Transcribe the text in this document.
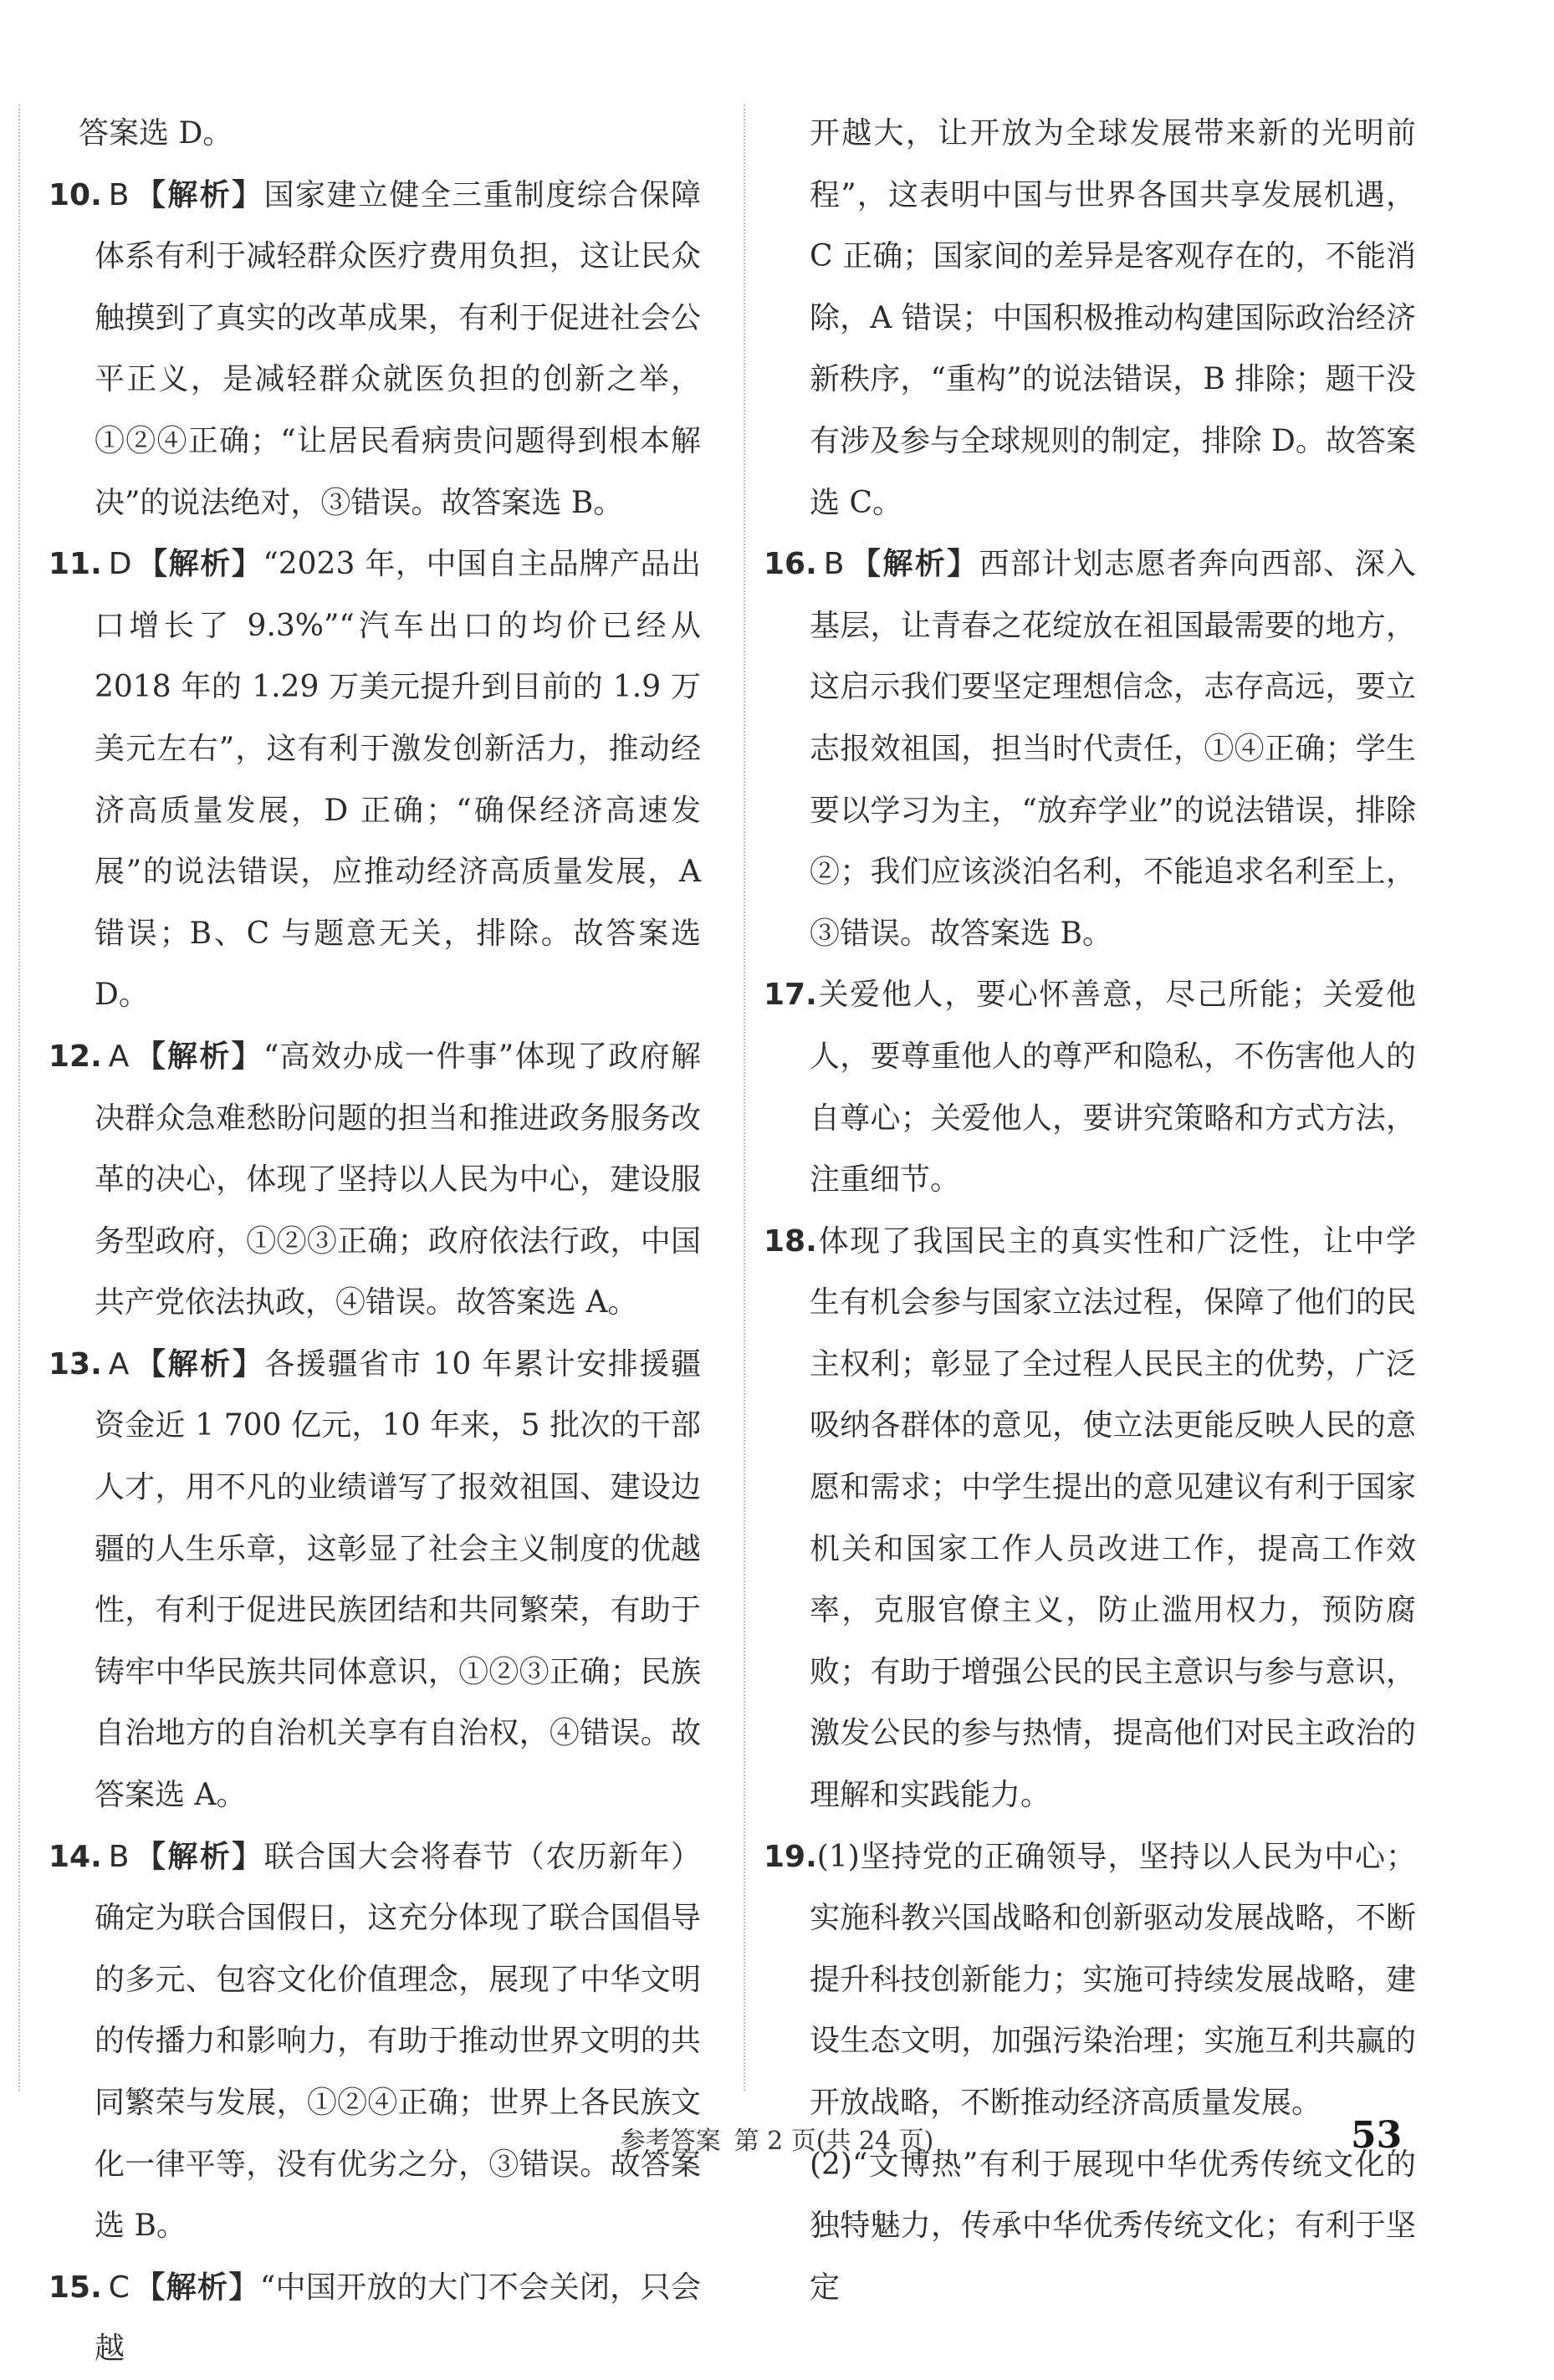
答案选 D。

10. B 【解析】国家建立健全三重制度综合保障体系有利于减轻群众医疗费用负担，这让民众触摸到了真实的改革成果，有利于促进社会公平正义，是减轻群众就医负担的创新之举，①②④正确；“让居民看病贵问题得到根本解决”的说法绝对，③错误。故答案选 B。

11. D 【解析】“2023 年，中国自主品牌产品出口增长了 9.3%”“汽车出口的均价已经从 2018 年的 1.29 万美元提升到目前的 1.9 万美元左右”，这有利于激发创新活力，推动经济高质量发展，D 正确；“确保经济高速发展”的说法错误，应推动经济高质量发展，A 错误；B、C 与题意无关，排除。故答案选 D。

12. A 【解析】“高效办成一件事”体现了政府解决群众急难愁盼问题的担当和推进政务服务改革的决心，体现了坚持以人民为中心，建设服务型政府，①②③正确；政府依法行政，中国共产党依法执政，④错误。故答案选 A。

13. A 【解析】各援疆省市 10 年累计安排援疆资金近 1 700 亿元，10 年来，5 批次的干部人才，用不凡的业绩谱写了报效祖国、建设边疆的人生乐章，这彰显了社会主义制度的优越性，有利于促进民族团结和共同繁荣，有助于铸牢中华民族共同体意识，①②③正确；民族自治地方的自治机关享有自治权，④错误。故答案选 A。

14. B 【解析】联合国大会将春节（农历新年）确定为联合国假日，这充分体现了联合国倡导的多元、包容文化价值理念，展现了中华文明的传播力和影响力，有助于推动世界文明的共同繁荣与发展，①②④正确；世界上各民族文化一律平等，没有优劣之分，③错误。故答案选 B。

15. C 【解析】“中国开放的大门不会关闭，只会越

开越大，让开放为全球发展带来新的光明前程”，这表明中国与世界各国共享发展机遇，C 正确；国家间的差异是客观存在的，不能消除，A 错误；中国积极推动构建国际政治经济新秩序，“重构”的说法错误，B 排除；题干没有涉及参与全球规则的制定，排除 D。故答案选 C。

16. B 【解析】西部计划志愿者奔向西部、深入基层，让青春之花绽放在祖国最需要的地方，这启示我们要坚定理想信念，志存高远，要立志报效祖国，担当时代责任，①④正确；学生要以学习为主，“放弃学业”的说法错误，排除②；我们应该淡泊名利，不能追求名利至上，③错误。故答案选 B。

17.关爱他人，要心怀善意，尽己所能；关爱他人，要尊重他人的尊严和隐私，不伤害他人的自尊心；关爱他人，要讲究策略和方式方法，注重细节。

18.体现了我国民主的真实性和广泛性，让中学生有机会参与国家立法过程，保障了他们的民主权利；彰显了全过程人民民主的优势，广泛吸纳各群体的意见，使立法更能反映人民的意愿和需求；中学生提出的意见建议有利于国家机关和国家工作人员改进工作，提高工作效率，克服官僚主义，防止滥用权力，预防腐败；有助于增强公民的民主意识与参与意识，激发公民的参与热情，提高他们对民主政治的理解和实践能力。

19.(1)坚持党的正确领导，坚持以人民为中心；实施科教兴国战略和创新驱动发展战略，不断提升科技创新能力；实施可持续发展战略，建设生态文明，加强污染治理；实施互利共赢的开放战略，不断推动经济高质量发展。

(2)“文博热”有利于展现中华优秀传统文化的独特魅力，传承中华优秀传统文化；有利于坚定

参考答案 第 2 页(共 24 页)	53
